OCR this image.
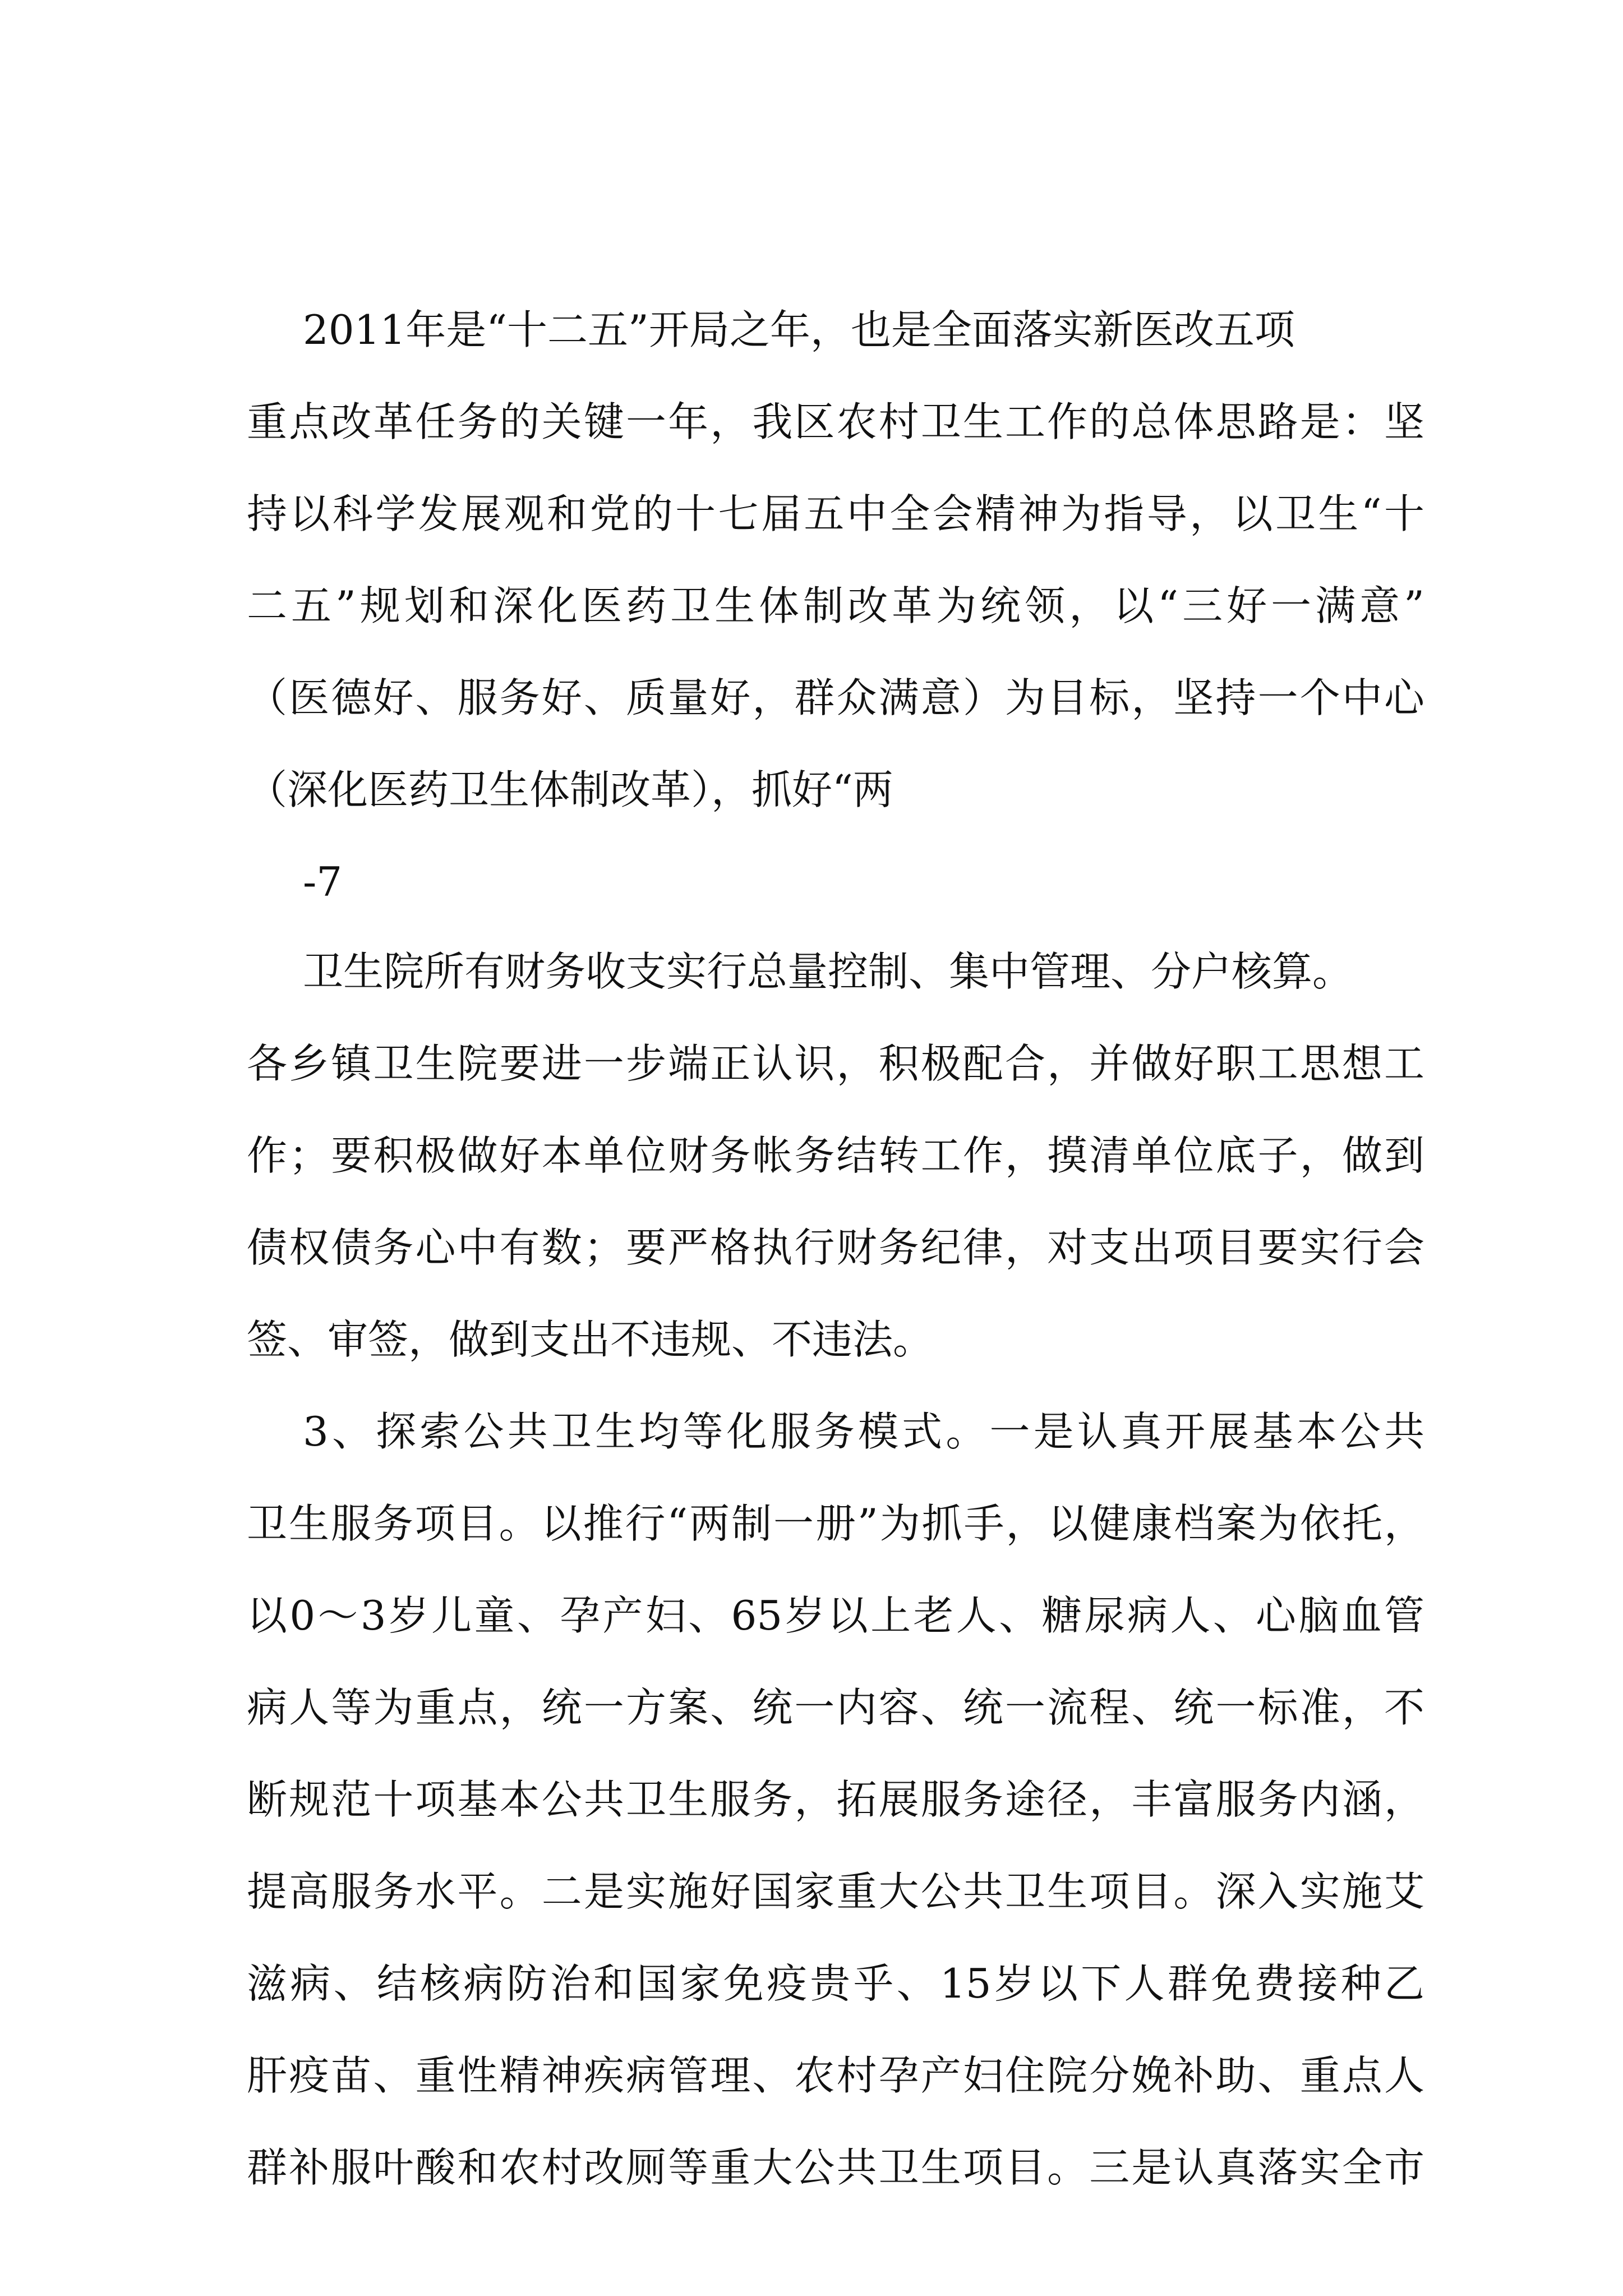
2011年是“十二五”开局之年，也是全面落实新医改五项
重点改革任务的关键一年，我区农村卫生工作的总体思路是：坚
持以科学发展观和党的十七届五中全会精神为指导，以卫生“十
二五”规划和深化医药卫生体制改革为统领，以“三好一满意”
（医德好、服务好、质量好，群众满意）为目标，坚持一个中心
（深化医药卫生体制改革），抓好“两
-7
卫生院所有财务收支实行总量控制、集中管理、分户核算。
各乡镇卫生院要进一步端正认识，积极配合，并做好职工思想工
作；要积极做好本单位财务帐务结转工作，摸清单位底子，做到
债权债务心中有数；要严格执行财务纪律，对支出项目要实行会
签、审签，做到支出不违规、不违法。
3、探索公共卫生均等化服务模式。一是认真开展基本公共
卫生服务项目。以推行“两制一册”为抓手，以健康档案为依托，
以0～3岁儿童、孕产妇、65岁以上老人、糖尿病人、心脑血管
病人等为重点，统一方案、统一内容、统一流程、统一标准，不
断规范十项基本公共卫生服务，拓展服务途径，丰富服务内涵，
提高服务水平。二是实施好国家重大公共卫生项目。深入实施艾
滋病、结核病防治和国家免疫贵乎、15岁以下人群免费接种乙
肝疫苗、重性精神疾病管理、农村孕产妇住院分娩补助、重点人
群补服叶酸和农村改厕等重大公共卫生项目。三是认真落实全市
